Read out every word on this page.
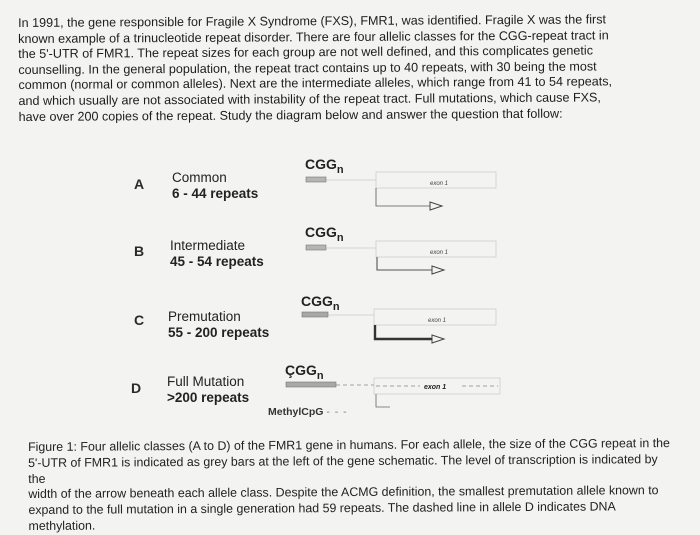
In 1991, the gene responsible for Fragile X Syndrome (FXS), FMR1, was identified. Fragile X was the first

known example of a trinucleotide repeat disorder. There are four allelic classes for the CGG-repeat tract in

the 5'-UTR of FMR1. The repeat sizes for each group are not well defined, and this complicates genetic

counselling. In the general population, the repeat tract contains up to 40 repeats, with 30 being the most

common (normal or common alleles). Next are the intermediate alleles, which range from 41 to 54 repeats,

and which usually are not associated with instability of the repeat tract. Full mutations, which cause FXS,

have over 200 copies of the repeat. Study the diagram below and answer the question that follow:

A Common
6 - 44 repeats
$CGG_n$
B Intermediate
45 - 54 repeats
$CGG_n$
C Premutation
55 - 200 repeats
$CGG_n$
D Full Mutation
>200 repeats
$ÇGG_n$
MethylCpG - - -
exon 1
exon 1
exon 1
exon 1

Figure 1: Four allelic classes (A to D) of the FMR1 gene in humans. For each allele, the size of the CGG repeat in the

5'-UTR of FMR1 is indicated as grey bars at the left of the gene schematic. The level of transcription is indicated by the

width of the arrow beneath each allele class. Despite the ACMG definition, the smallest premutation allele known to

expand to the full mutation in a single generation had 59 repeats. The dashed line in allele D indicates DNA methylation.
